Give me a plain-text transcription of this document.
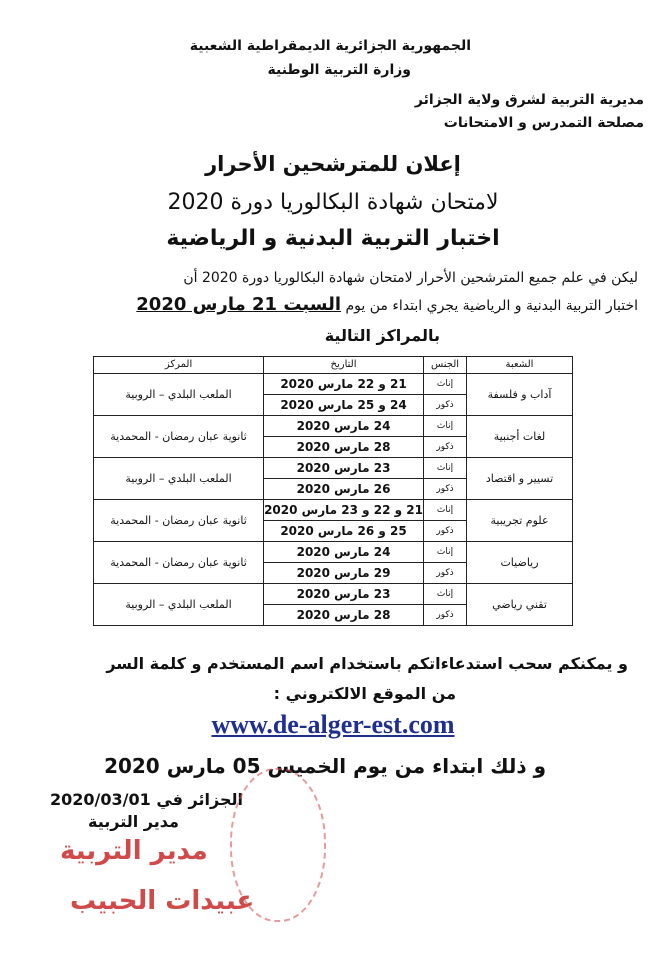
الجمهورية الجزائرية الديمقراطية الشعبية
وزارة التربية الوطنية
مديرية التربية لشرق ولاية الجزائر
مصلحة التمدرس و الامتحانات
إعلان للمترشحين الأحرار
لامتحان شهادة البكالوريا دورة 2020
اختبار التربية البدنية و الرياضية
ليكن في علم جميع المترشحين الأحرار لامتحان شهادة البكالوريا دورة 2020 أن
اختبار التربية البدنية و الرياضية يجري ابتداء من يوم السبت 21 مارس 2020
بالمراكز التالية
الشعبة	الجنس	التاريخ	المركز
آداب و فلسفة	إناث	21 و 22 مارس 2020	الملعب البلدي – الروبية
	ذكور	24 و 25 مارس 2020	
لغات أجنبية	إناث	24 مارس 2020	ثانوية عبان رمضان - المحمدية
	ذكور	28 مارس 2020	
تسيير و اقتصاد	إناث	23 مارس 2020	الملعب البلدي – الروبية
	ذكور	26 مارس 2020	
علوم تجريبية	إناث	21 و 22 و 23 مارس 2020	ثانوية عبان رمضان - المحمدية
	ذكور	25 و 26 مارس 2020	
رياضيات	إناث	24 مارس 2020	ثانوية عبان رمضان - المحمدية
	ذكور	29 مارس 2020	
تقني رياضي	إناث	23 مارس 2020	الملعب البلدي – الروبية
	ذكور	28 مارس 2020	
و يمكنكم سحب استدعاءاتكم باستخدام اسم المستخدم و كلمة السر
من الموقع الالكتروني :
www.de-alger-est.com
و ذلك ابتداء من يوم الخميس 05 مارس 2020
الجزائر في 2020/03/01
مدير التربية
مدير التربية
عبيدات الحبيب
